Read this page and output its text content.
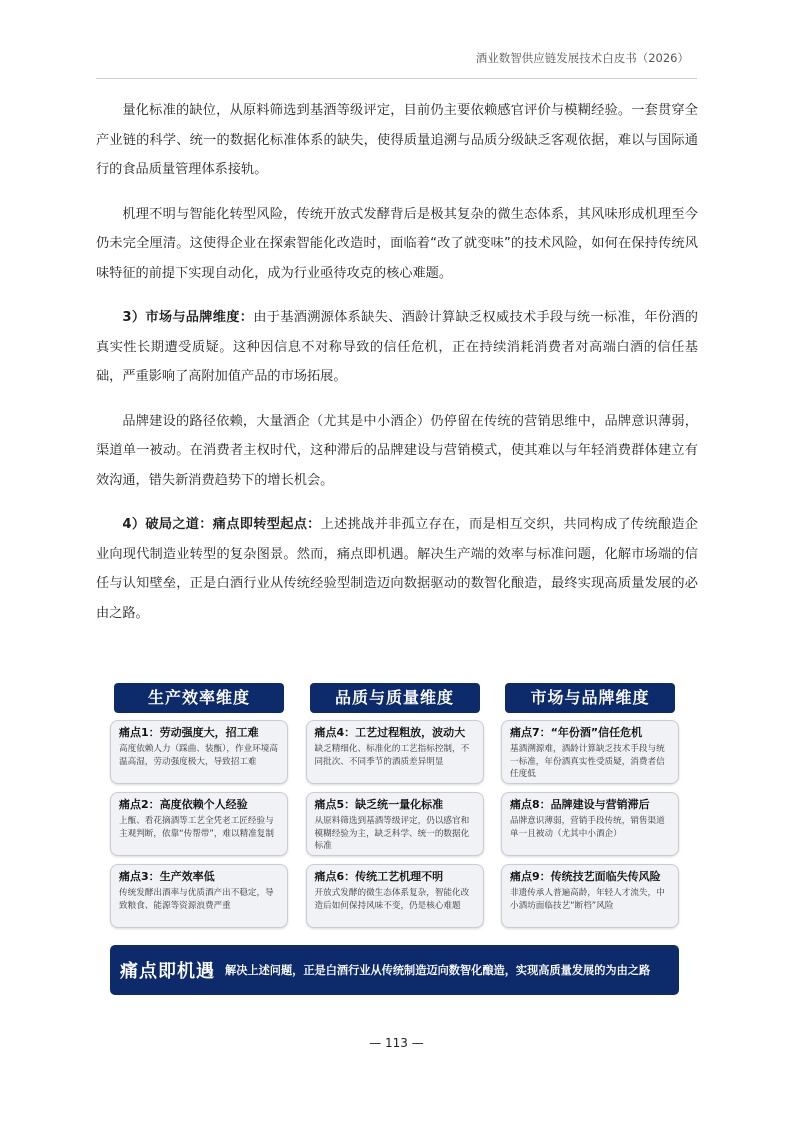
酒业数智供应链发展技术白皮书（2026）

量化标准的缺位，从原料筛选到基酒等级评定，目前仍主要依赖感官评价与模糊经验。一套贯穿全产业链的科学、统一的数据化标准体系的缺失，使得质量追溯与品质分级缺乏客观依据，难以与国际通行的食品质量管理体系接轨。

机理不明与智能化转型风险，传统开放式发酵背后是极其复杂的微生态体系，其风味形成机理至今仍未完全厘清。这使得企业在探索智能化改造时，面临着“改了就变味”的技术风险，如何在保持传统风味特征的前提下实现自动化，成为行业亟待攻克的核心难题。

3）市场与品牌维度：由于基酒溯源体系缺失、酒龄计算缺乏权威技术手段与统一标准，年份酒的真实性长期遭受质疑。这种因信息不对称导致的信任危机，正在持续消耗消费者对高端白酒的信任基础，严重影响了高附加值产品的市场拓展。

品牌建设的路径依赖，大量酒企（尤其是中小酒企）仍停留在传统的营销思维中，品牌意识薄弱，渠道单一被动。在消费者主权时代，这种滞后的品牌建设与营销模式，使其难以与年轻消费群体建立有效沟通，错失新消费趋势下的增长机会。

4）破局之道：痛点即转型起点：上述挑战并非孤立存在，而是相互交织，共同构成了传统酿造企业向现代制造业转型的复杂图景。然而，痛点即机遇。解决生产端的效率与标准问题，化解市场端的信任与认知壁垒，正是白酒行业从传统经验型制造迈向数据驱动的数智化酿造，最终实现高质量发展的必由之路。

生产效率维度
痛点1：劳动强度大，招工难
高度依赖人力（踩曲、装甑），作业环境高温高湿，劳动强度极大，导致招工难
痛点2：高度依赖个人经验
上甑、看花摘酒等工艺全凭老工匠经验与主观判断，依靠“传帮带”，难以精准复制
痛点3：生产效率低
传统发酵出酒率与优质酒产出不稳定，导致粮食、能源等资源浪费严重
品质与质量维度
痛点4：工艺过程粗放，波动大
缺乏精细化、标准化的工艺指标控制，不同批次、不同季节的酒质差异明显
痛点5：缺乏统一量化标准
从原料筛选到基酒等级评定，仍以感官和模糊经验为主，缺乏科学、统一的数据化标准
痛点6：传统工艺机理不明
开放式发酵的微生态体系复杂，智能化改造后如何保持风味不变，仍是核心难题
市场与品牌维度
痛点7：“年份酒”信任危机
基酒溯源难，酒龄计算缺乏技术手段与统一标准，年份酒真实性受质疑，消费者信任度低
痛点8：品牌建设与营销滞后
品牌意识薄弱，营销手段传统，销售渠道单一且被动（尤其中小酒企）
痛点9：传统技艺面临失传风险
非遗传承人普遍高龄，年轻人才流失，中小酒坊面临技艺“断档”风险
痛点即机遇 解决上述问题，正是白酒行业从传统制造迈向数智化酿造，实现高质量发展的为由之路
— 113 —
